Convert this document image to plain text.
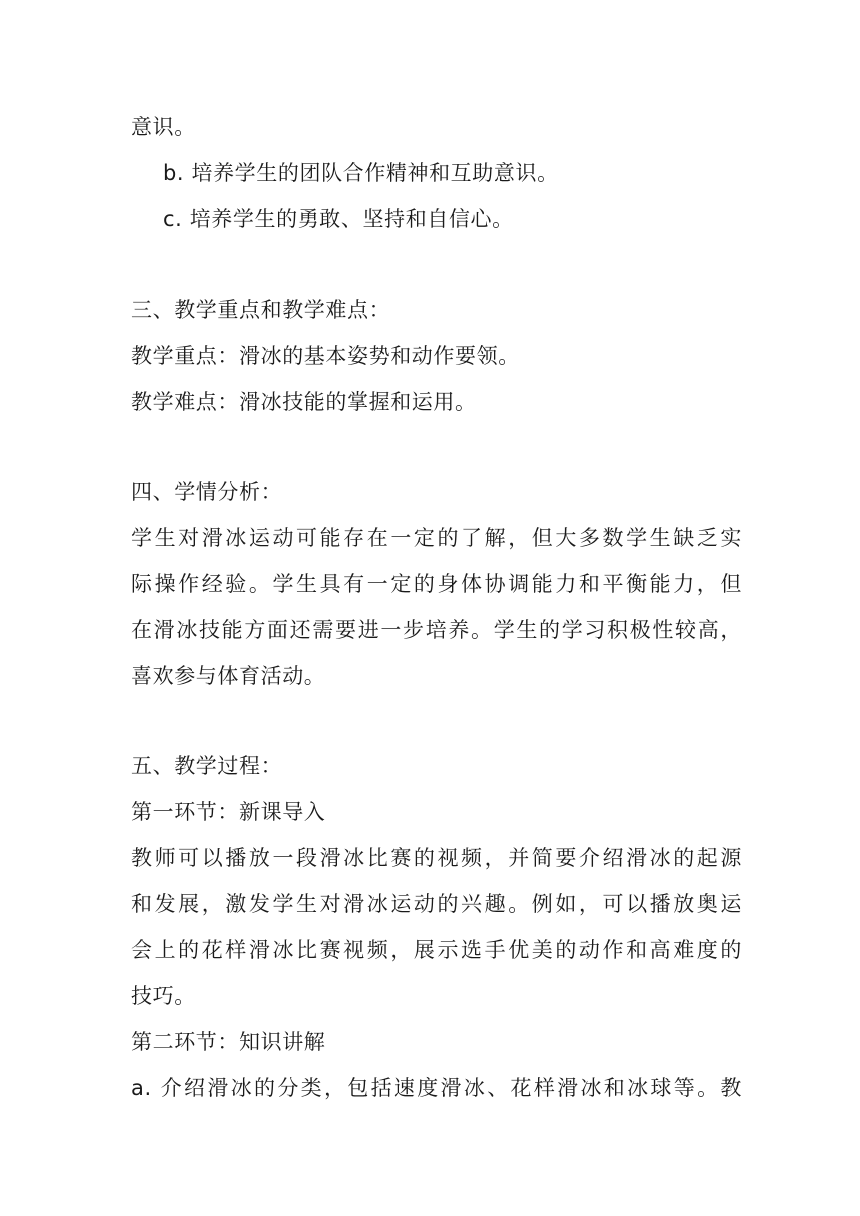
意识。
b. 培养学生的团队合作精神和互助意识。
c. 培养学生的勇敢、坚持和自信心。
三、教学重点和教学难点：
教学重点：滑冰的基本姿势和动作要领。
教学难点：滑冰技能的掌握和运用。
四、学情分析：
学生对滑冰运动可能存在一定的了解，但大多数学生缺乏实
际操作经验。学生具有一定的身体协调能力和平衡能力，但
在滑冰技能方面还需要进一步培养。学生的学习积极性较高，
喜欢参与体育活动。
五、教学过程：
第一环节：新课导入
教师可以播放一段滑冰比赛的视频，并简要介绍滑冰的起源
和发展，激发学生对滑冰运动的兴趣。例如，可以播放奥运
会上的花样滑冰比赛视频，展示选手优美的动作和高难度的
技巧。
第二环节：知识讲解
a. 介绍滑冰的分类，包括速度滑冰、花样滑冰和冰球等。教
